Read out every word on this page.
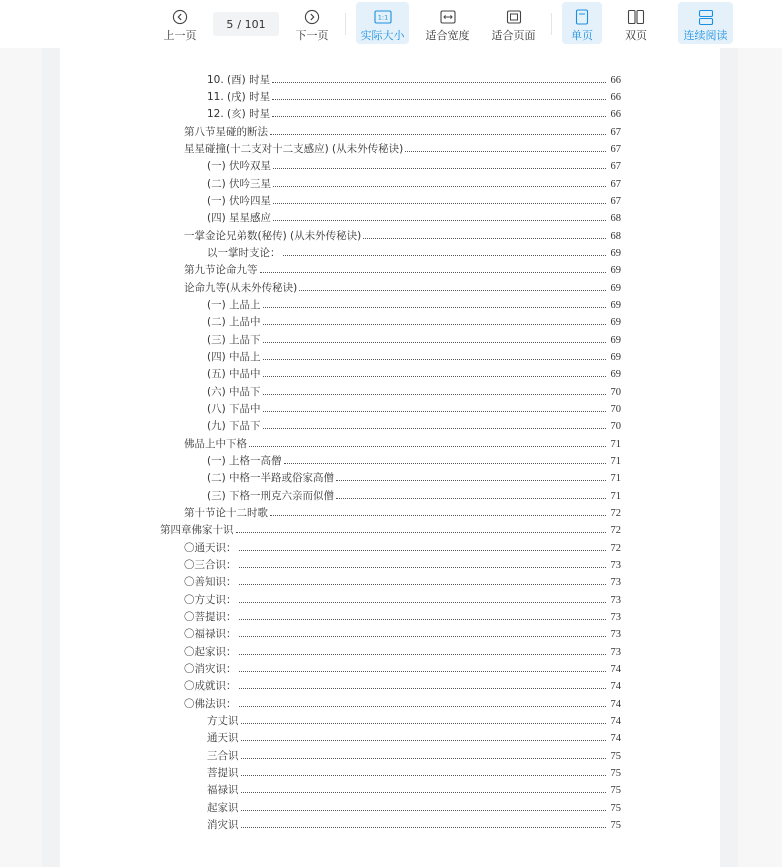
上一页
5 / 101
下一页
1:1
实际大小 适合宽度 适合页面	单页	双页	连续阅读
10. (酉) 时星	66
11. (戌) 时星	66
12. (亥) 时星	66
第八节星碰的断法	67
星星碰撞(十二支对十二支感应) (从未外传秘诀)	67
(一) 伏吟双星	67
(二) 伏吟三星	67
(一) 伏吟四星	67
(四) 星星感应	68
一掌金论兄弟数(秘传) (从未外传秘诀)	68
以一掌时支论：	69
第九节论命九等	69
论命九等(从未外传秘诀)	69
(一) 上品上	69
(二) 上品中	69
(三) 上品下	69
(四) 中品上	69
(五) 中品中	69
(六) 中品下	70
(八) 下品中	70
(九) 下品下	70
佛品上中下格	71
(一) 上格一高僧	71
(二) 中格一半路或俗家高僧	71
(三) 下格一刑克六亲而似僧	71
第十节论十二时歌	72
第四章佛家十识	72
〇通天识：	72
〇三合识：	73
〇善知识：	73
〇方丈识：	73
〇菩提识：	73
〇福禄识：	73
〇起家识：	73
〇消灾识：	74
〇成就识：	74
〇佛法识：	74
方丈识	74
通天识	74
三合识	75
菩提识	75
福禄识	75
起家识	75
消灾识	75
